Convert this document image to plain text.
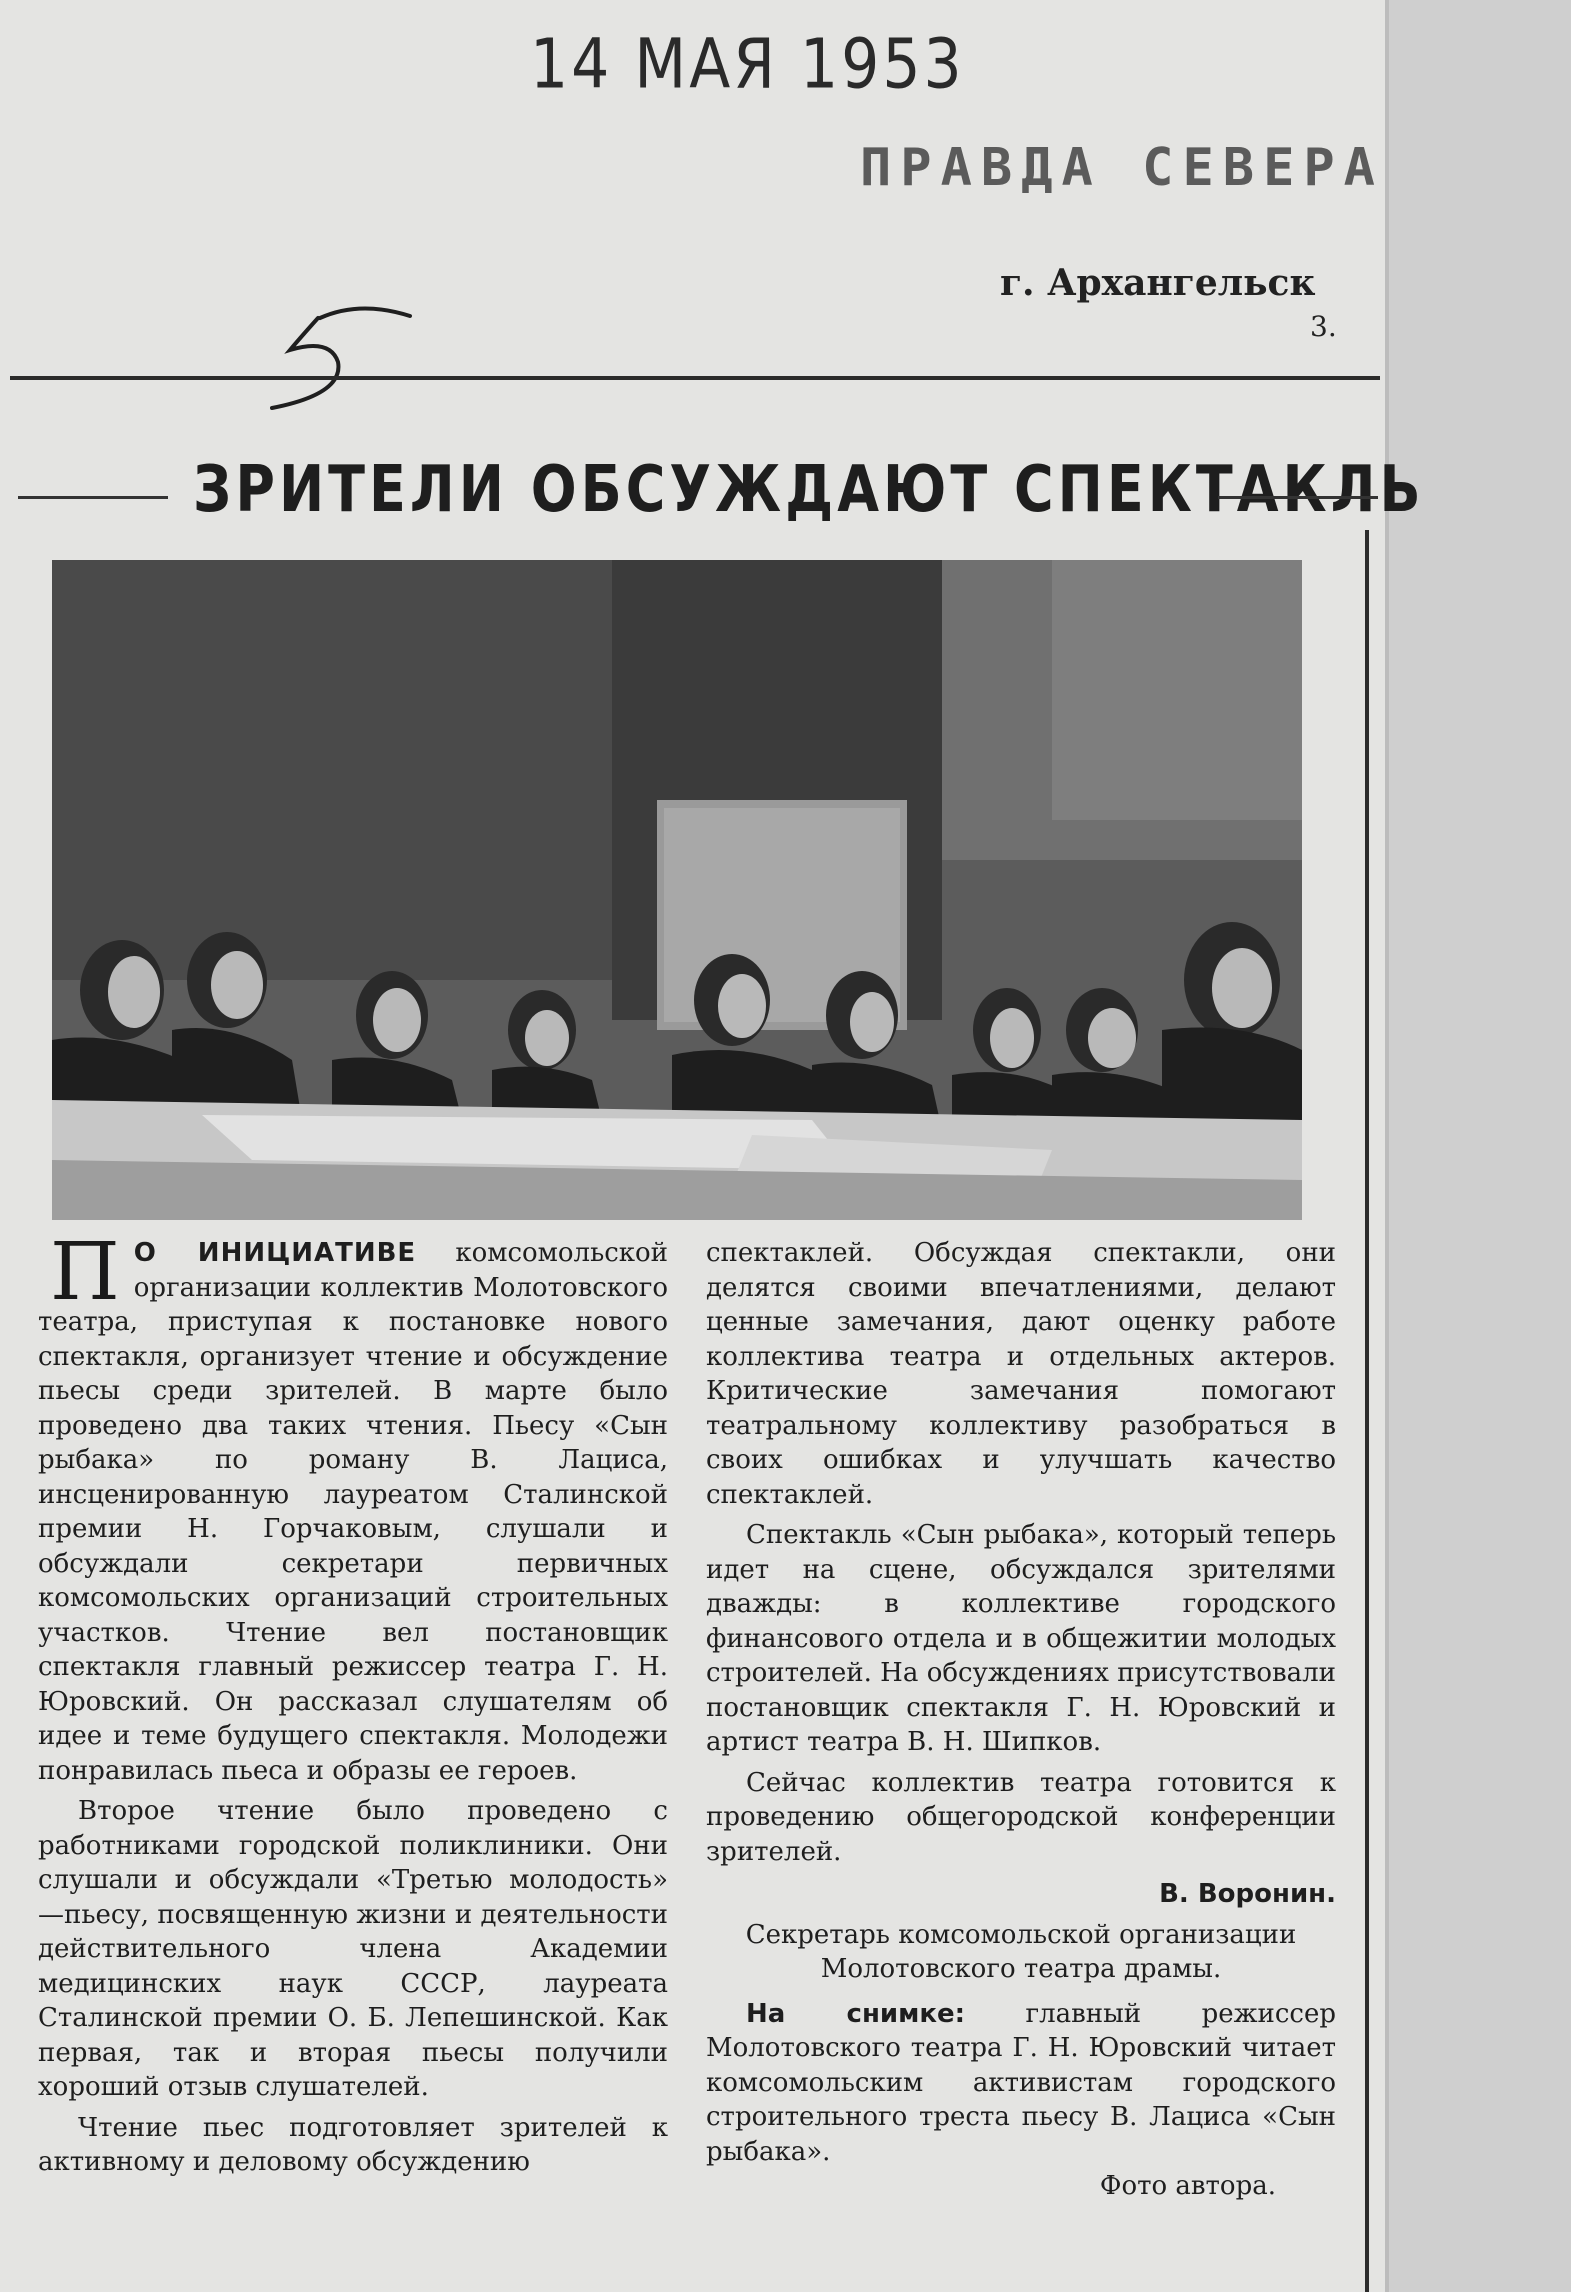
14 МАЯ 1953
ПРАВДА СЕВЕРА
г. Архангельск
3.
ЗРИТЕЛИ ОБСУЖДАЮТ СПЕКТАКЛЬ

П О ИНИЦИАТИВЕ комсомольской организации коллектив Молотовского театра, приступая к постановке нового спектакля, организует чтение и обсуждение пьесы среди зрителей. В марте было проведено два таких чтения. Пьесу «Сын рыбака» по роману В. Лациса, инсценированную лауреатом Сталинской премии Н. Горчаковым, слушали и обсуждали секретари первичных комсомольских организаций строительных участков. Чтение вел постановщик спектакля главный режиссер театра Г. Н. Юровский. Он рассказал слушателям об идее и теме будущего спектакля. Молодежи понравилась пьеса и образы ее героев.

Второе чтение было проведено с работниками городской поликлиники. Они слушали и обсуждали «Третью молодость» —пьесу, посвященную жизни и деятельности действительного члена Академии медицинских наук СССР, лауреата Сталинской премии О. Б. Лепешинской. Как первая, так и вторая пьесы получили хороший отзыв слушателей.

Чтение пьес подготовляет зрителей к активному и деловому обсуждению

спектаклей. Обсуждая спектакли, они делятся своими впечатлениями, делают ценные замечания, дают оценку работе коллектива театра и отдельных актеров. Критические замечания помогают театральному коллективу разобраться в своих ошибках и улучшать качество спектаклей.

Спектакль «Сын рыбака», который теперь идет на сцене, обсуждался зрителями дважды: в коллективе городского финансового отдела и в общежитии молодых строителей. На обсуждениях присутствовали постановщик спектакля Г. Н. Юровский и артист театра В. Н. Шипков.

Сейчас коллектив театра готовится к проведению общегородской конференции зрителей.

В. Воронин.

Секретарь комсомольской организации Молотовского театра драмы.

На снимке: главный режиссер Молотовского театра Г. Н. Юровский читает комсомольским активистам городского строительного треста пьесу В. Лациса «Сын рыбака».

Фото автора.
